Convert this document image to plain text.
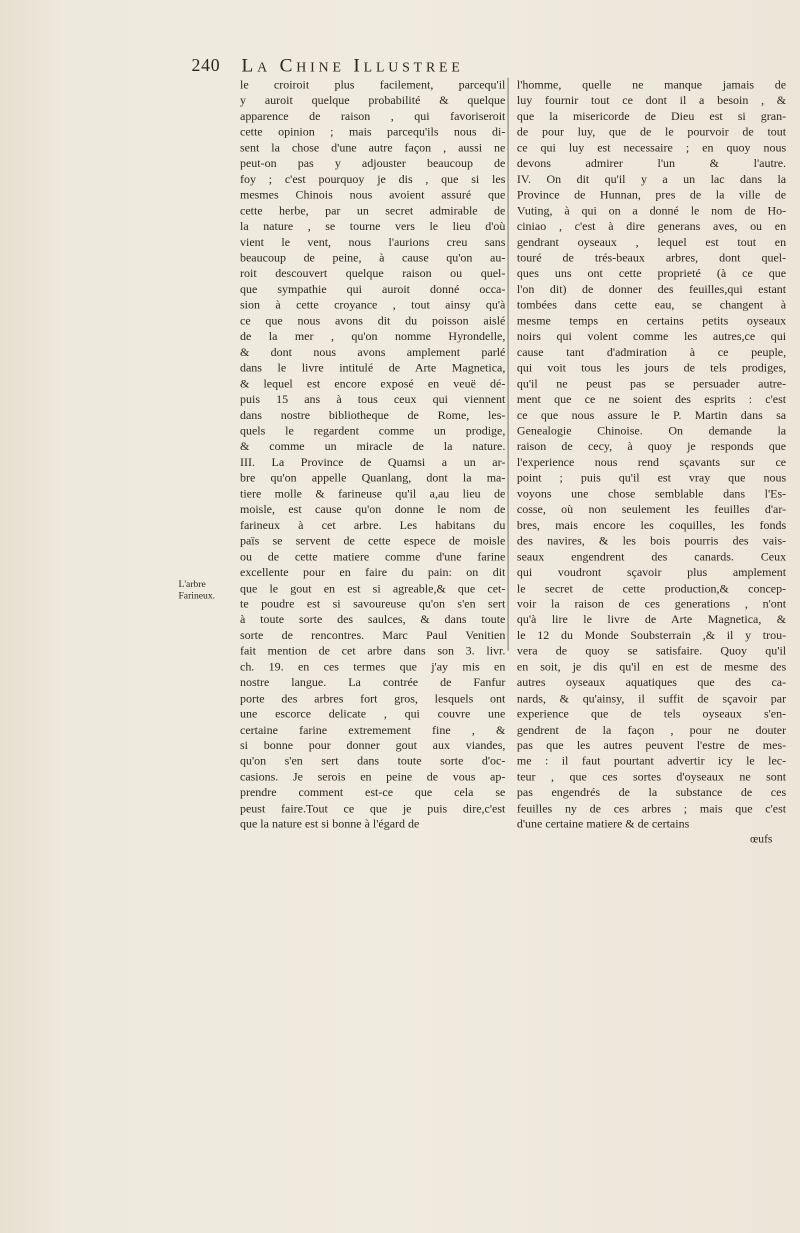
240 La Chine Illustree
L'arbre
Farineux.
le croiroit plus facilement, parcequ'il
y auroit quelque probabilité & quelque
apparence de raison , qui favoriseroit
cette opinion ; mais parcequ'ils nous di-
sent la chose d'une autre façon , aussi ne
peut-on pas y adjouster beaucoup de
foy ; c'est pourquoy je dis , que si les
mesmes Chinois nous avoient assuré que
cette herbe, par un secret admirable de
la nature , se tourne vers le lieu d'où
vient le vent, nous l'aurions creu sans
beaucoup de peine, à cause qu'on au-
roit descouvert quelque raison ou quel-
que sympathie qui auroit donné occa-
sion à cette croyance , tout ainsy qu'à
ce que nous avons dit du poisson aislé
de la mer , qu'on nomme Hyrondelle,
& dont nous avons amplement parlé
dans le livre intitulé de Arte Magnetica,
& lequel est encore exposé en veuë dé-
puis 15 ans à tous ceux qui viennent
dans nostre bibliotheque de Rome, les-
quels le regardent comme un prodige,
& comme un miracle de la nature.
III. La Province de Quamsi a un ar-
bre qu'on appelle Quanlang, dont la ma-
tiere molle & farineuse qu'il a,au lieu de
moisle, est cause qu'on donne le nom de
farineux à cet arbre. Les habitans du
païs se servent de cette espece de moisle
ou de cette matiere comme d'une farine
excellente pour en faire du pain: on dit
que le gout en est si agreable,& que cet-
te poudre est si savoureuse qu'on s'en sert
à toute sorte des saulces, & dans toute
sorte de rencontres. Marc Paul Venitien
fait mention de cet arbre dans son 3. livr.
ch. 19. en ces termes que j'ay mis en
nostre langue. La contrée de Fanfur
porte des arbres fort gros, lesquels ont
une escorce delicate , qui couvre une
certaine farine extremement fine , &
si bonne pour donner gout aux viandes,
qu'on s'en sert dans toute sorte d'oc-
casions. Je serois en peine de vous ap-
prendre comment est-ce que cela se
peust faire.Tout ce que je puis dire,c'est
que la nature est si bonne à l'égard de
l'homme, quelle ne manque jamais de
luy fournir tout ce dont il a besoin , &
que la misericorde de Dieu est si gran-
de pour luy, que de le pourvoir de tout
ce qui luy est necessaire ; en quoy nous
devons admirer l'un & l'autre.
IV. On dit qu'il y a un lac dans la
Province de Hunnan, pres de la ville de
Vuting, à qui on a donné le nom de Ho-
ciniao , c'est à dire generans aves, ou en
gendrant oyseaux , lequel est tout en
touré de trés-beaux arbres, dont quel-
ques uns ont cette proprieté (à ce que
l'on dit) de donner des feuilles,qui estant
tombées dans cette eau, se changent à
mesme temps en certains petits oyseaux
noirs qui volent comme les autres,ce qui
cause tant d'admiration à ce peuple,
qui voit tous les jours de tels prodiges,
qu'il ne peust pas se persuader autre-
ment que ce ne soient des esprits : c'est
ce que nous assure le P. Martin dans sa
Genealogie Chinoise. On demande la
raison de cecy, à quoy je responds que
l'experience nous rend sçavants sur ce
point ; puis qu'il est vray que nous
voyons une chose semblable dans l'Es-
cosse, où non seulement les feuilles d'ar-
bres, mais encore les coquilles, les fonds
des navires, & les bois pourris des vais-
seaux engendrent des canards. Ceux
qui voudront sçavoir plus amplement
le secret de cette production,& concep-
voir la raison de ces generations , n'ont
qu'à lire le livre de Arte Magnetica, &
le 12 du Monde Soubsterrain ,& il y trou-
vera de quoy se satisfaire. Quoy qu'il
en soit, je dis qu'il en est de mesme des
autres oyseaux aquatiques que des ca-
nards, & qu'ainsy, il suffit de sçavoir par
experience que de tels oyseaux s'en-
gendrent de la façon , pour ne douter
pas que les autres peuvent l'estre de mes-
me : il faut pourtant advertir icy le lec-
teur , que ces sortes d'oyseaux ne sont
pas engendrés de la substance de ces
feuilles ny de ces arbres ; mais que c'est
d'une certaine matiere & de certains
œufs
